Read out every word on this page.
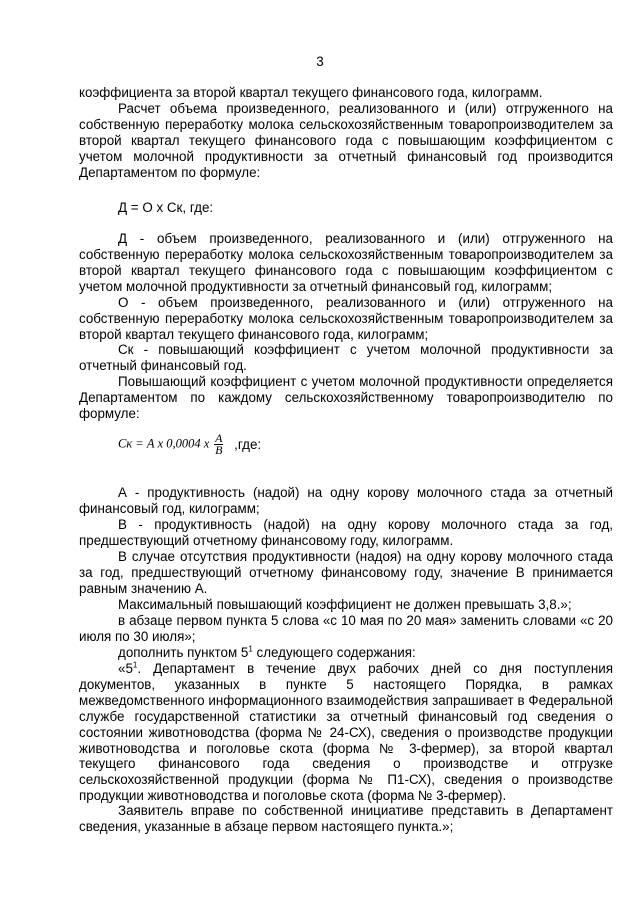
3

коэффициента за второй квартал текущего финансового года, килограмм.

Расчет объема произведенного, реализованного и (или) отгруженного на собственную переработку молока сельскохозяйственным товаропроизводителем за второй квартал текущего финансового года с повышающим коэффициентом с учетом молочной продуктивности за отчетный финансовый год производится Департаментом по формуле:

Д = О х Ск, где:

Д - объем произведенного, реализованного и (или) отгруженного на собственную переработку молока сельскохозяйственным товаропроизводителем за второй квартал текущего финансового года с повышающим коэффициентом с учетом молочной продуктивности за отчетный финансовый год, килограмм;

О - объем произведенного, реализованного и (или) отгруженного на собственную переработку молока сельскохозяйственным товаропроизводителем за второй квартал текущего финансового года, килограмм;

Ск - повышающий коэффициент с учетом молочной продуктивности за отчетный финансовый год.

Повышающий коэффициент с учетом молочной продуктивности определяется Департаментом по каждому сельскохозяйственному товаропроизводителю по формуле:

Ск = А х 0,0004 х $\frac{А}{В} ,где$:

А - продуктивность (надой) на одну корову молочного стада за отчетный финансовый год, килограмм;

В - продуктивность (надой) на одну корову молочного стада за год, предшествующий отчетному финансовому году, килограмм.

В случае отсутствия продуктивности (надоя) на одну корову молочного стада за год, предшествующий отчетному финансовому году, значение В принимается равным значению А.

Максимальный повышающий коэффициент не должен превышать 3,8.»;

в абзаце первом пункта 5 слова «с 10 мая по 20 мая» заменить словами «с 20 июля по 30 июля»;

дополнить пунктом $5^1$ следующего содержания:

«$5^1$. Департамент в течение двух рабочих дней со дня поступления документов, указанных в пункте 5 настоящего Порядка, в рамках межведомственного информационного взаимодействия запрашивает в Федеральной службе государственной статистики за отчетный финансовый год сведения о состоянии животноводства (форма № 24-СХ), сведения о производстве продукции животноводства и поголовье скота (форма № 3-фермер), за второй квартал текущего финансового года сведения о производстве и отгрузке сельскохозяйственной продукции (форма № П1-СХ), сведения о производстве продукции животноводства и поголовье скота (форма № 3-фермер).

Заявитель вправе по собственной инициативе представить в Департамент сведения, указанные в абзаце первом настоящего пункта.»;
